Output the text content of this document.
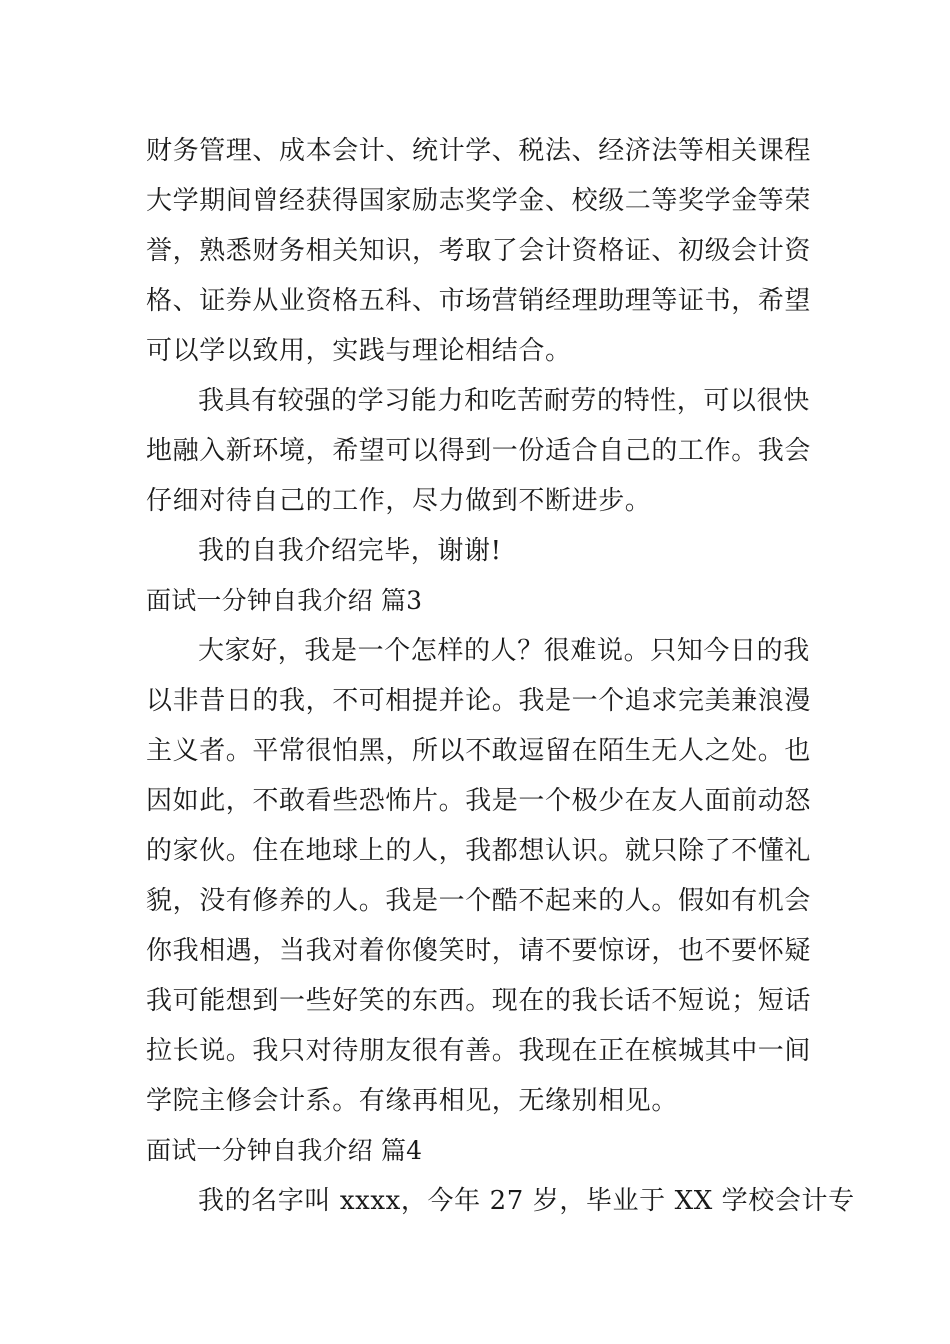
财务管理、成本会计、统计学、税法、经济法等相关课程
大学期间曾经获得国家励志奖学金、校级二等奖学金等荣
誉，熟悉财务相关知识，考取了会计资格证、初级会计资
格、证券从业资格五科、市场营销经理助理等证书，希望
可以学以致用，实践与理论相结合。
我具有较强的学习能力和吃苦耐劳的特性，可以很快
地融入新环境，希望可以得到一份适合自己的工作。我会
仔细对待自己的工作，尽力做到不断进步。
我的自我介绍完毕，谢谢!
面试一分钟自我介绍 篇3
大家好，我是一个怎样的人？很难说。只知今日的我
以非昔日的我，不可相提并论。我是一个追求完美兼浪漫
主义者。平常很怕黑，所以不敢逗留在陌生无人之处。也
因如此，不敢看些恐怖片。我是一个极少在友人面前动怒
的家伙。住在地球上的人，我都想认识。就只除了不懂礼
貌，没有修养的人。我是一个酷不起来的人。假如有机会
你我相遇，当我对着你傻笑时，请不要惊讶，也不要怀疑
我可能想到一些好笑的东西。现在的我长话不短说；短话
拉长说。我只对待朋友很有善。我现在正在槟城其中一间
学院主修会计系。有缘再相见，无缘别相见。
面试一分钟自我介绍 篇4
我的名字叫 xxxx，今年 27 岁，毕业于 XX 学校会计专
